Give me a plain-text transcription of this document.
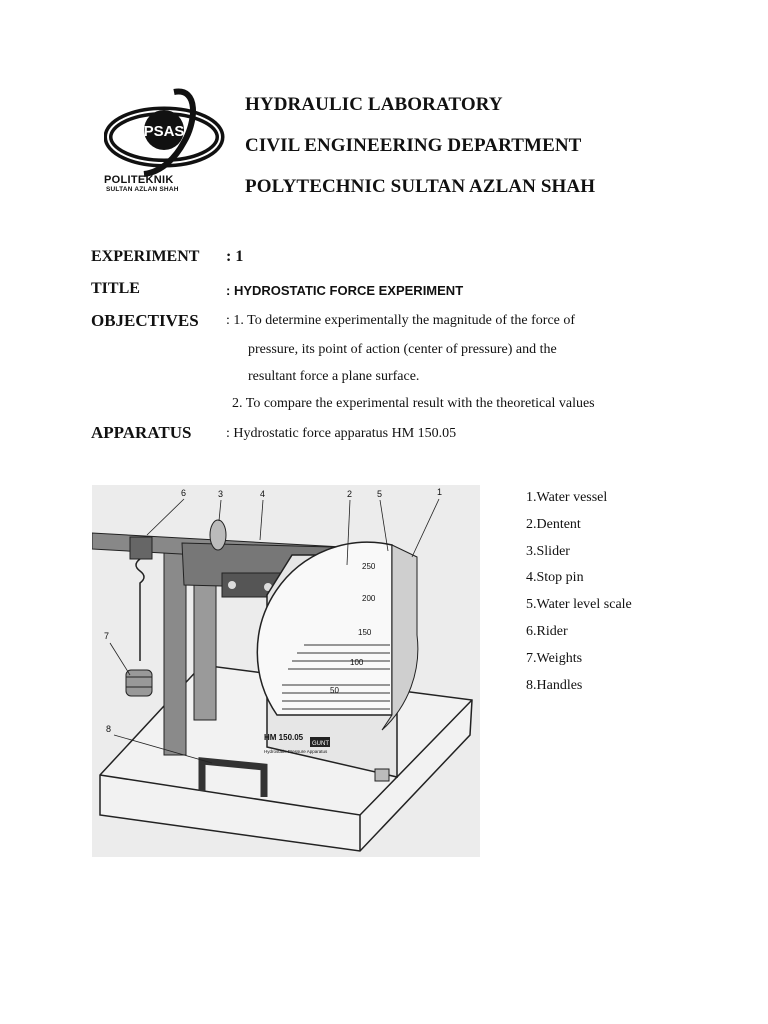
PSAS
POLITEKNIK
SULTAN AZLAN SHAH
HYDRAULIC LABORATORY
CIVIL ENGINEERING DEPARTMENT
POLYTECHNIC SULTAN AZLAN SHAH
EXPERIMENT : 1
TITLE	: HYDROSTATIC FORCE EXPERIMENT
OBJECTIVES : 1. To determine experimentally the magnitude of the force of
pressure, its point of action (center of pressure) and the
resultant force a plane surface.
2. To compare the experimental result with the theoretical values
APPARATUS : Hydrostatic force apparatus HM 150.05
250
200
150
100
50
HM 150.05
Hydrostatic Pressure Apparatus
GUNT
6	3	4	2	5	1
7
8
1.Water vessel
2.Dentent
3.Slider
4.Stop pin
5.Water level scale
6.Rider
7.Weights
8.Handles
